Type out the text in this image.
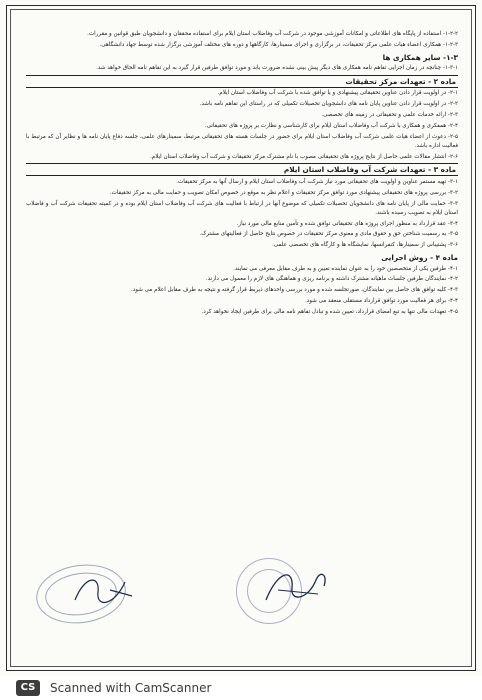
۱-۲-۲- استفاده از پایگاه های اطلاعاتی و امکانات آموزشی موجود در شرکت آب وفاضلاب استان ایلام برای استفاده محققان و دانشجویان طبق قوانین و مقررات.

۱-۲-۳- همکاری اعضاء هیات علمی مرکز تحقیقات، در برگزاری و اجرای سمینارها، کارگاهها و دوره های مختلف آموزشی برگزار شده توسط جهاد دانشگاهی.

۱-۳- سایر همکاری ها

۱-۳-۱- چنانچه در زمان اجرایی تفاهم نامه همکاری های دیگر پیش بینی نشده ضرورت یابد و مورد توافق طرفین قرار گیرد به این تفاهم نامه الحاق خواهد شد.

ماده ۲ - تعهدات مرکز تحقیقات

۲-۱- در اولویت قرار دادن عناوین تحقیقاتی پیشنهادی و یا توافق شده با شرکت آب وفاضلاب استان ایلام.

۲-۲- در اولویت قرار دادن عناوین پایان نامه های دانشجویان تحصیلات تکمیلی که در راستای این تفاهم نامه باشد.

۲-۳- ارائه خدمات علمی و تحقیقاتی در زمینه های تخصصی.

۲-۴- همفکری و همکاری با شرکت آب وفاضلاب استان ایلام برای کارشناسی و نظارت بر پروژه های تحقیقاتی.

۲-۵- دعوت از اعضاء هیات علمی شرکت آب وفاضلاب استان ایلام برای حضور در جلسات هسته های تحقیقاتی مرتبط، سمینارهای علمی، جلسه دفاع پایان نامه ها و نظایر آن که مرتبط با فعالیت اداره باشد.

۲-۶- انتشار مقالات علمی حاصل از نتایج پروژه های تحقیقاتی مصوب با نام مشترک مرکز تحقیقات و شرکت آب وفاضلاب استان ایلام.

ماده ۳ - تعهدات شرکت آب وفاضلاب استان ایلام

۳-۱- تهیه مستمر عناوین و اولویت های تحقیقاتی مورد نیاز شرکت آب وفاضلاب استان ایلام و ارسال آنها به مرکز تحقیقات.

۳-۲- بررسی پروژه های تحقیقاتی پیشنهادی مورد توافق مرکز تحقیقات و اعلام نظر به موقع در خصوص امکان تصویب و حمایت مالی به مرکز تحقیقات.

۳-۳- حمایت مالی از پایان نامه های دانشجویان تحصیلات تکمیلی که موضوع آنها در ارتباط با فعالیت های شرکت آب وفاضلاب استان ایلام بوده و در کمیته تحقیقات شرکت آب و فاضلاب استان ایلام به تصویب رسیده باشند.

۳-۴- عقد قرارداد به منظور اجرای پروژه های تحقیقاتی توافق شده و تأمین منابع مالی مورد نیاز.

۳-۵- به رسمیت شناختن حق و حقوق مادی و معنوی مرکز تحقیقات در خصوص نتایج حاصل از فعالیتهای مشترک.

۳-۶- پشتیبانی از سمینارها، کنفرانسها، نمایشگاه ها و کارگاه های تخصصی علمی.

ماده ۴ - روش اجرایی

۴-۱- طرفین یکی از متخصصین خود را به عنوان نماینده تعیین و به طرف مقابل معرفی می نمایند.

۴-۲- نمایندگان طرفین جلسات ماهیانه مشترک داشته و برنامه ریزی و هماهنگی های لازم را معمول می دارند.

۴-۳- کلیه توافق های حاصل بین نمایندگان، صورتجلسه شده و مورد بررسی واحدهای ذیربط قرار گرفته و نتیجه به طرف مقابل اعلام می شود.

۴-۴- برای هر فعالیت مورد توافق قرارداد مستقلی منعقد می شود.

۴-۵- تعهدات مالی تنها به تبع امضای قرارداد، تعیین شده و تبادل تفاهم نامه مالی برای طرفین ایجاد نخواهد کرد.

CS	Scanned with CamScanner
